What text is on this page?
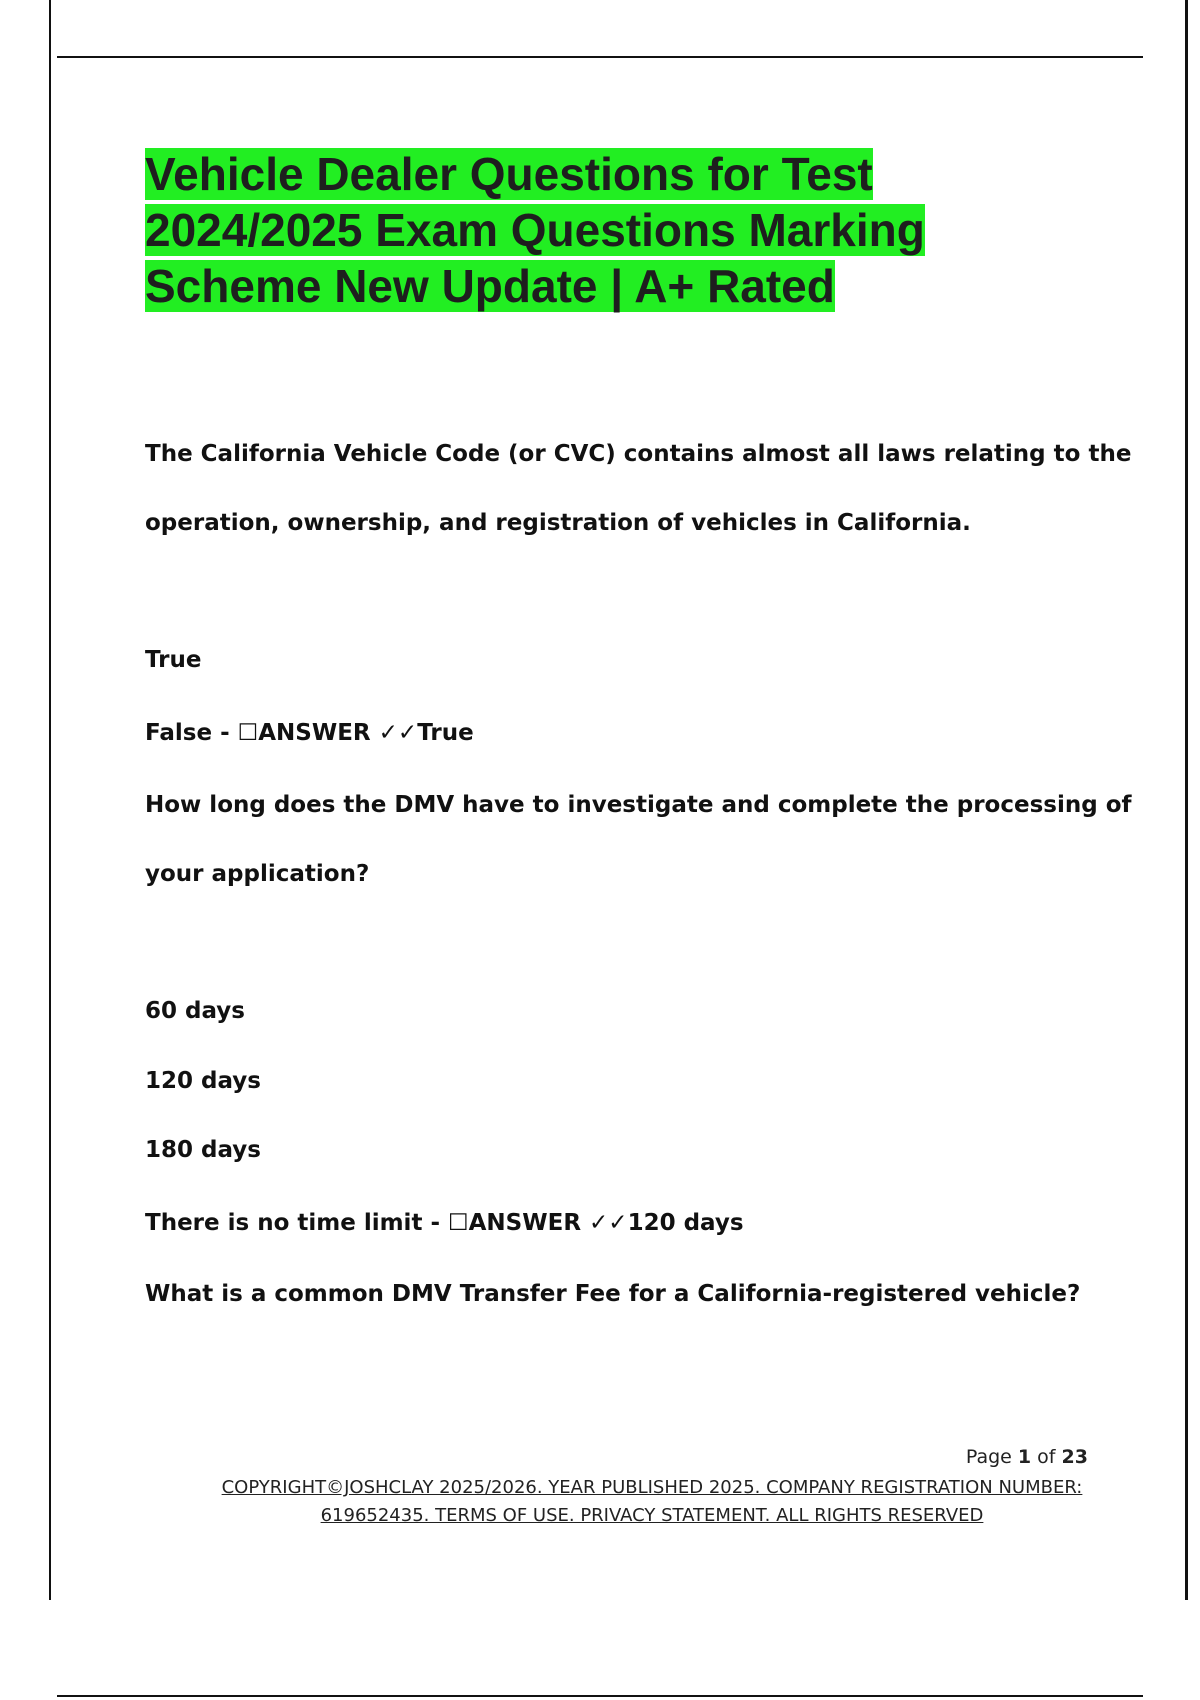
Vehicle Dealer Questions for Test
2024/2025 Exam Questions Marking
Scheme New Update | A+ Rated
The California Vehicle Code (or CVC) contains almost all laws relating to the
operation, ownership, and registration of vehicles in California.
True
False - ☐ANSWER ✓✓True
How long does the DMV have to investigate and complete the processing of
your application?
60 days
120 days
180 days
There is no time limit - ☐ANSWER ✓✓120 days
What is a common DMV Transfer Fee for a California-registered vehicle?
Page 1 of 23
COPYRIGHT©JOSHCLAY 2025/2026. YEAR PUBLISHED 2025. COMPANY REGISTRATION NUMBER:
619652435. TERMS OF USE. PRIVACY STATEMENT. ALL RIGHTS RESERVED
